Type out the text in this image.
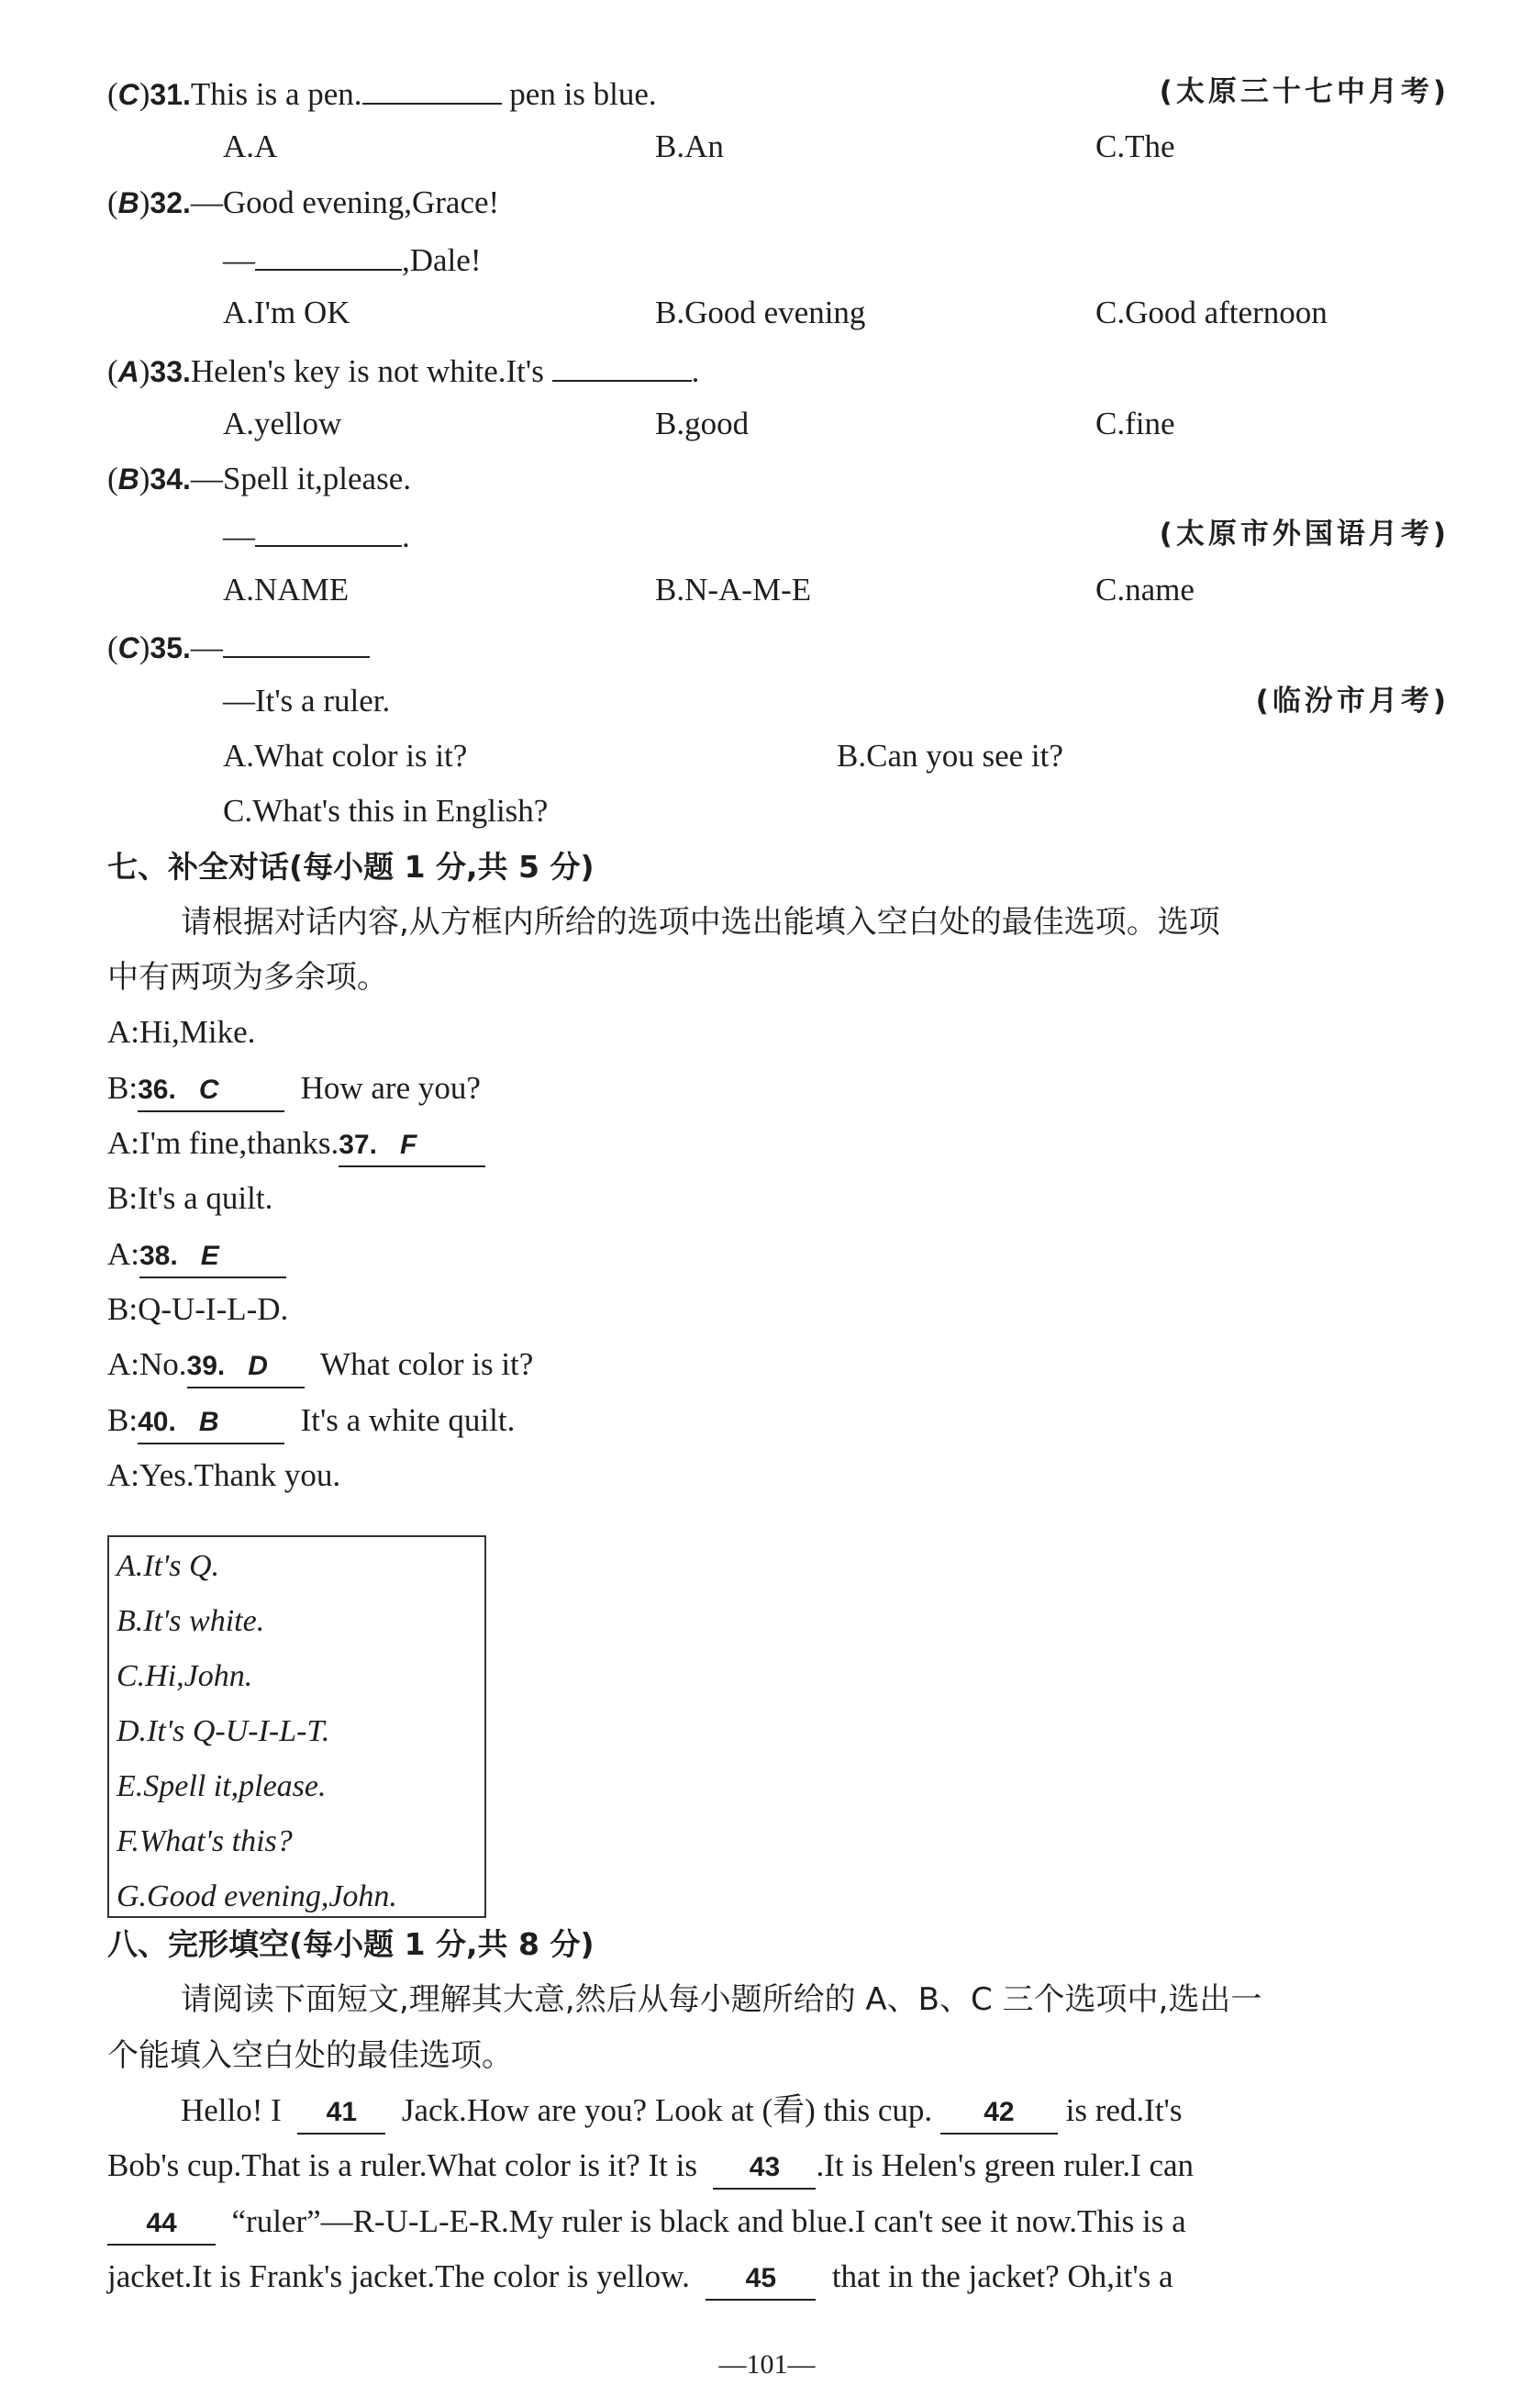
(C)31.This is a pen.	pen is blue.	(太原三十七中月考)
A.A	B.An	C.The
(B)32.—Good evening,Grace!
—	,Dale!
A.I'm OK	B.Good evening	C.Good afternoon
(A)33.Helen's key is not white.It's	.
A.yellow	B.good	C.fine
(B)34.—Spell it,please.
—	.	(太原市外国语月考)
A.NAME	B.N-A-M-E	C.name
(C)35.—
—It's a ruler.	(临汾市月考)
A.What color is it?	B.Can you see it?
C.What's this in English?
七、补全对话(每小题 1 分,共 5 分)
请根据对话内容,从方框内所给的选项中选出能填入空白处的最佳选项。选项
中有两项为多余项。
A:Hi,Mike.
B:36. C	How are you?
A:I'm fine,thanks.37. F
B:It's a quilt.
A:38. E
B:Q-U-I-L-D.
A:No.39. D What color is it?
B:40. B	It's a white quilt.
A:Yes.Thank you.
A.It's Q.
B.It's white.
C.Hi,John.
D.It's Q-U-I-L-T.
E.Spell it,please.
F.What's this?
G.Good evening,John.
八、完形填空(每小题 1 分,共 8 分)
请阅读下面短文,理解其大意,然后从每小题所给的 A、B、C 三个选项中,选出一
个能填入空白处的最佳选项。
Hello! I 41 Jack.How are you? Look at (看) this cup. 42 is red.It's
Bob's cup.That is a ruler.What color is it? It is 43 .It is Helen's green ruler.I can
44 “ruler”—R-U-L-E-R.My ruler is black and blue.I can't see it now.This is a
jacket.It is Frank's jacket.The color is yellow. 45 that in the jacket? Oh,it's a
—101—
